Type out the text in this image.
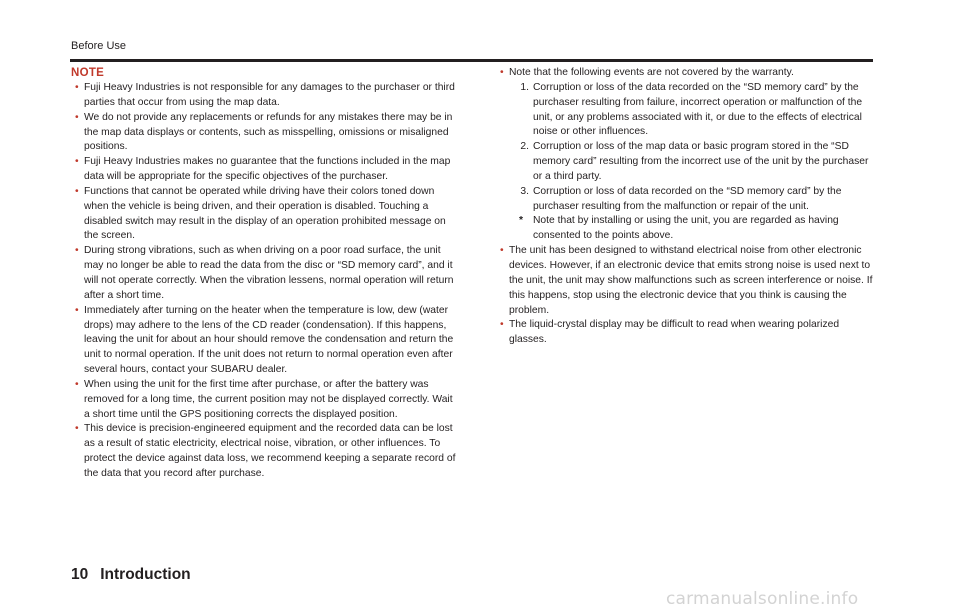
Before Use
NOTE
• Fuji Heavy Industries is not responsible for any damages to the purchaser or third parties that occur from using the map data.
• We do not provide any replacements or refunds for any mistakes there may be in the map data displays or contents, such as misspelling, omissions or misaligned positions.
• Fuji Heavy Industries makes no guarantee that the functions included in the map data will be appropriate for the specific objectives of the purchaser.
• Functions that cannot be operated while driving have their colors toned down when the vehicle is being driven, and their operation is disabled. Touching a disabled switch may result in the display of an operation prohibited message on the screen.
• During strong vibrations, such as when driving on a poor road surface, the unit may no longer be able to read the data from the disc or “SD memory card”, and it will not operate correctly. When the vibration lessens, normal operation will return after a short time.
• Immediately after turning on the heater when the temperature is low, dew (water drops) may adhere to the lens of the CD reader (condensation). If this happens, leaving the unit for about an hour should remove the condensation and return the unit to normal operation. If the unit does not return to normal operation even after several hours, contact your SUBARU dealer.
• When using the unit for the first time after purchase, or after the battery was removed for a long time, the current position may not be displayed correctly. Wait a short time until the GPS positioning corrects the displayed position.
• This device is precision-engineered equipment and the recorded data can be lost as a result of static electricity, electrical noise, vibration, or other influences. To protect the device against data loss, we recommend keeping a separate record of the data that you record after purchase.
• Note that the following events are not covered by the warranty.
1. Corruption or loss of the data recorded on the “SD memory card” by the purchaser resulting from failure, incorrect operation or malfunction of the unit, or any problems associated with it, or due to the effects of electrical noise or other influences.
2. Corruption or loss of the map data or basic program stored in the “SD memory card” resulting from the incorrect use of the unit by the purchaser or a third party.
3. Corruption or loss of data recorded on the “SD memory card” by the purchaser resulting from the malfunction or repair of the unit.
* Note that by installing or using the unit, you are regarded as having consented to the points above.
• The unit has been designed to withstand electrical noise from other electronic devices. However, if an electronic device that emits strong noise is used next to the unit, the unit may show malfunctions such as screen interference or noise. If this happens, stop using the electronic device that you think is causing the problem.
• The liquid-crystal display may be difficult to read when wearing polarized glasses.
10 Introduction
carmanualsonline.info
